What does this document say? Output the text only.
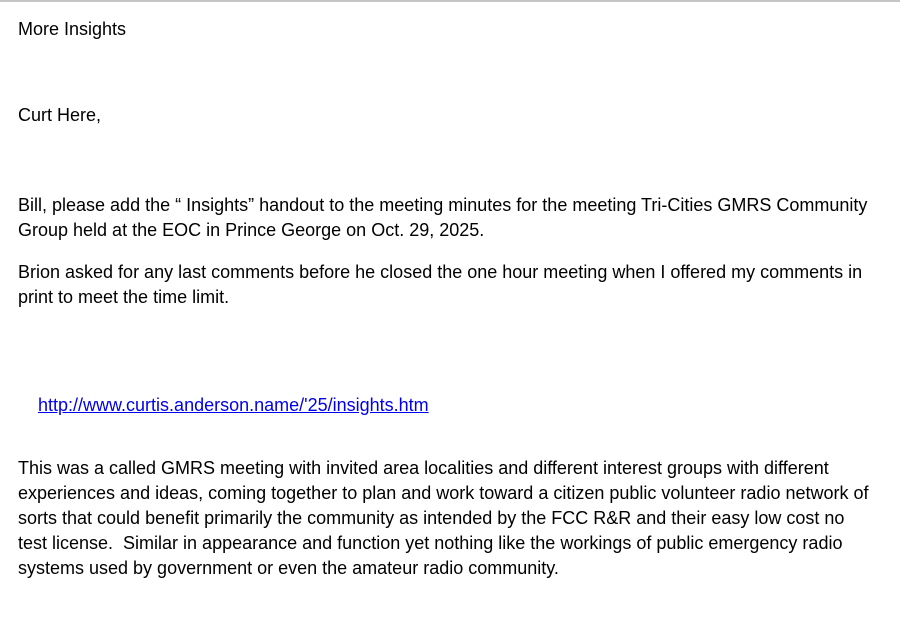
More Insights
Curt Here,
Bill, please add the “ Insights” handout to the meeting minutes for the meeting Tri-Cities GMRS Community Group held at the EOC in Prince George on Oct. 29, 2025.
Brion asked for any last comments before he closed the one hour meeting when I offered my comments in print to meet the time limit.

http://www.curtis.anderson.name/'25/insights.htm

This was a called GMRS meeting with invited area localities and different interest groups with different experiences and ideas, coming together to plan and work toward a citizen public volunteer radio network of sorts that could benefit primarily the community as intended by the FCC R&R and their easy low cost no test license.  Similar in appearance and function yet nothing like the workings of public emergency radio systems used by government or even the amateur radio community.
